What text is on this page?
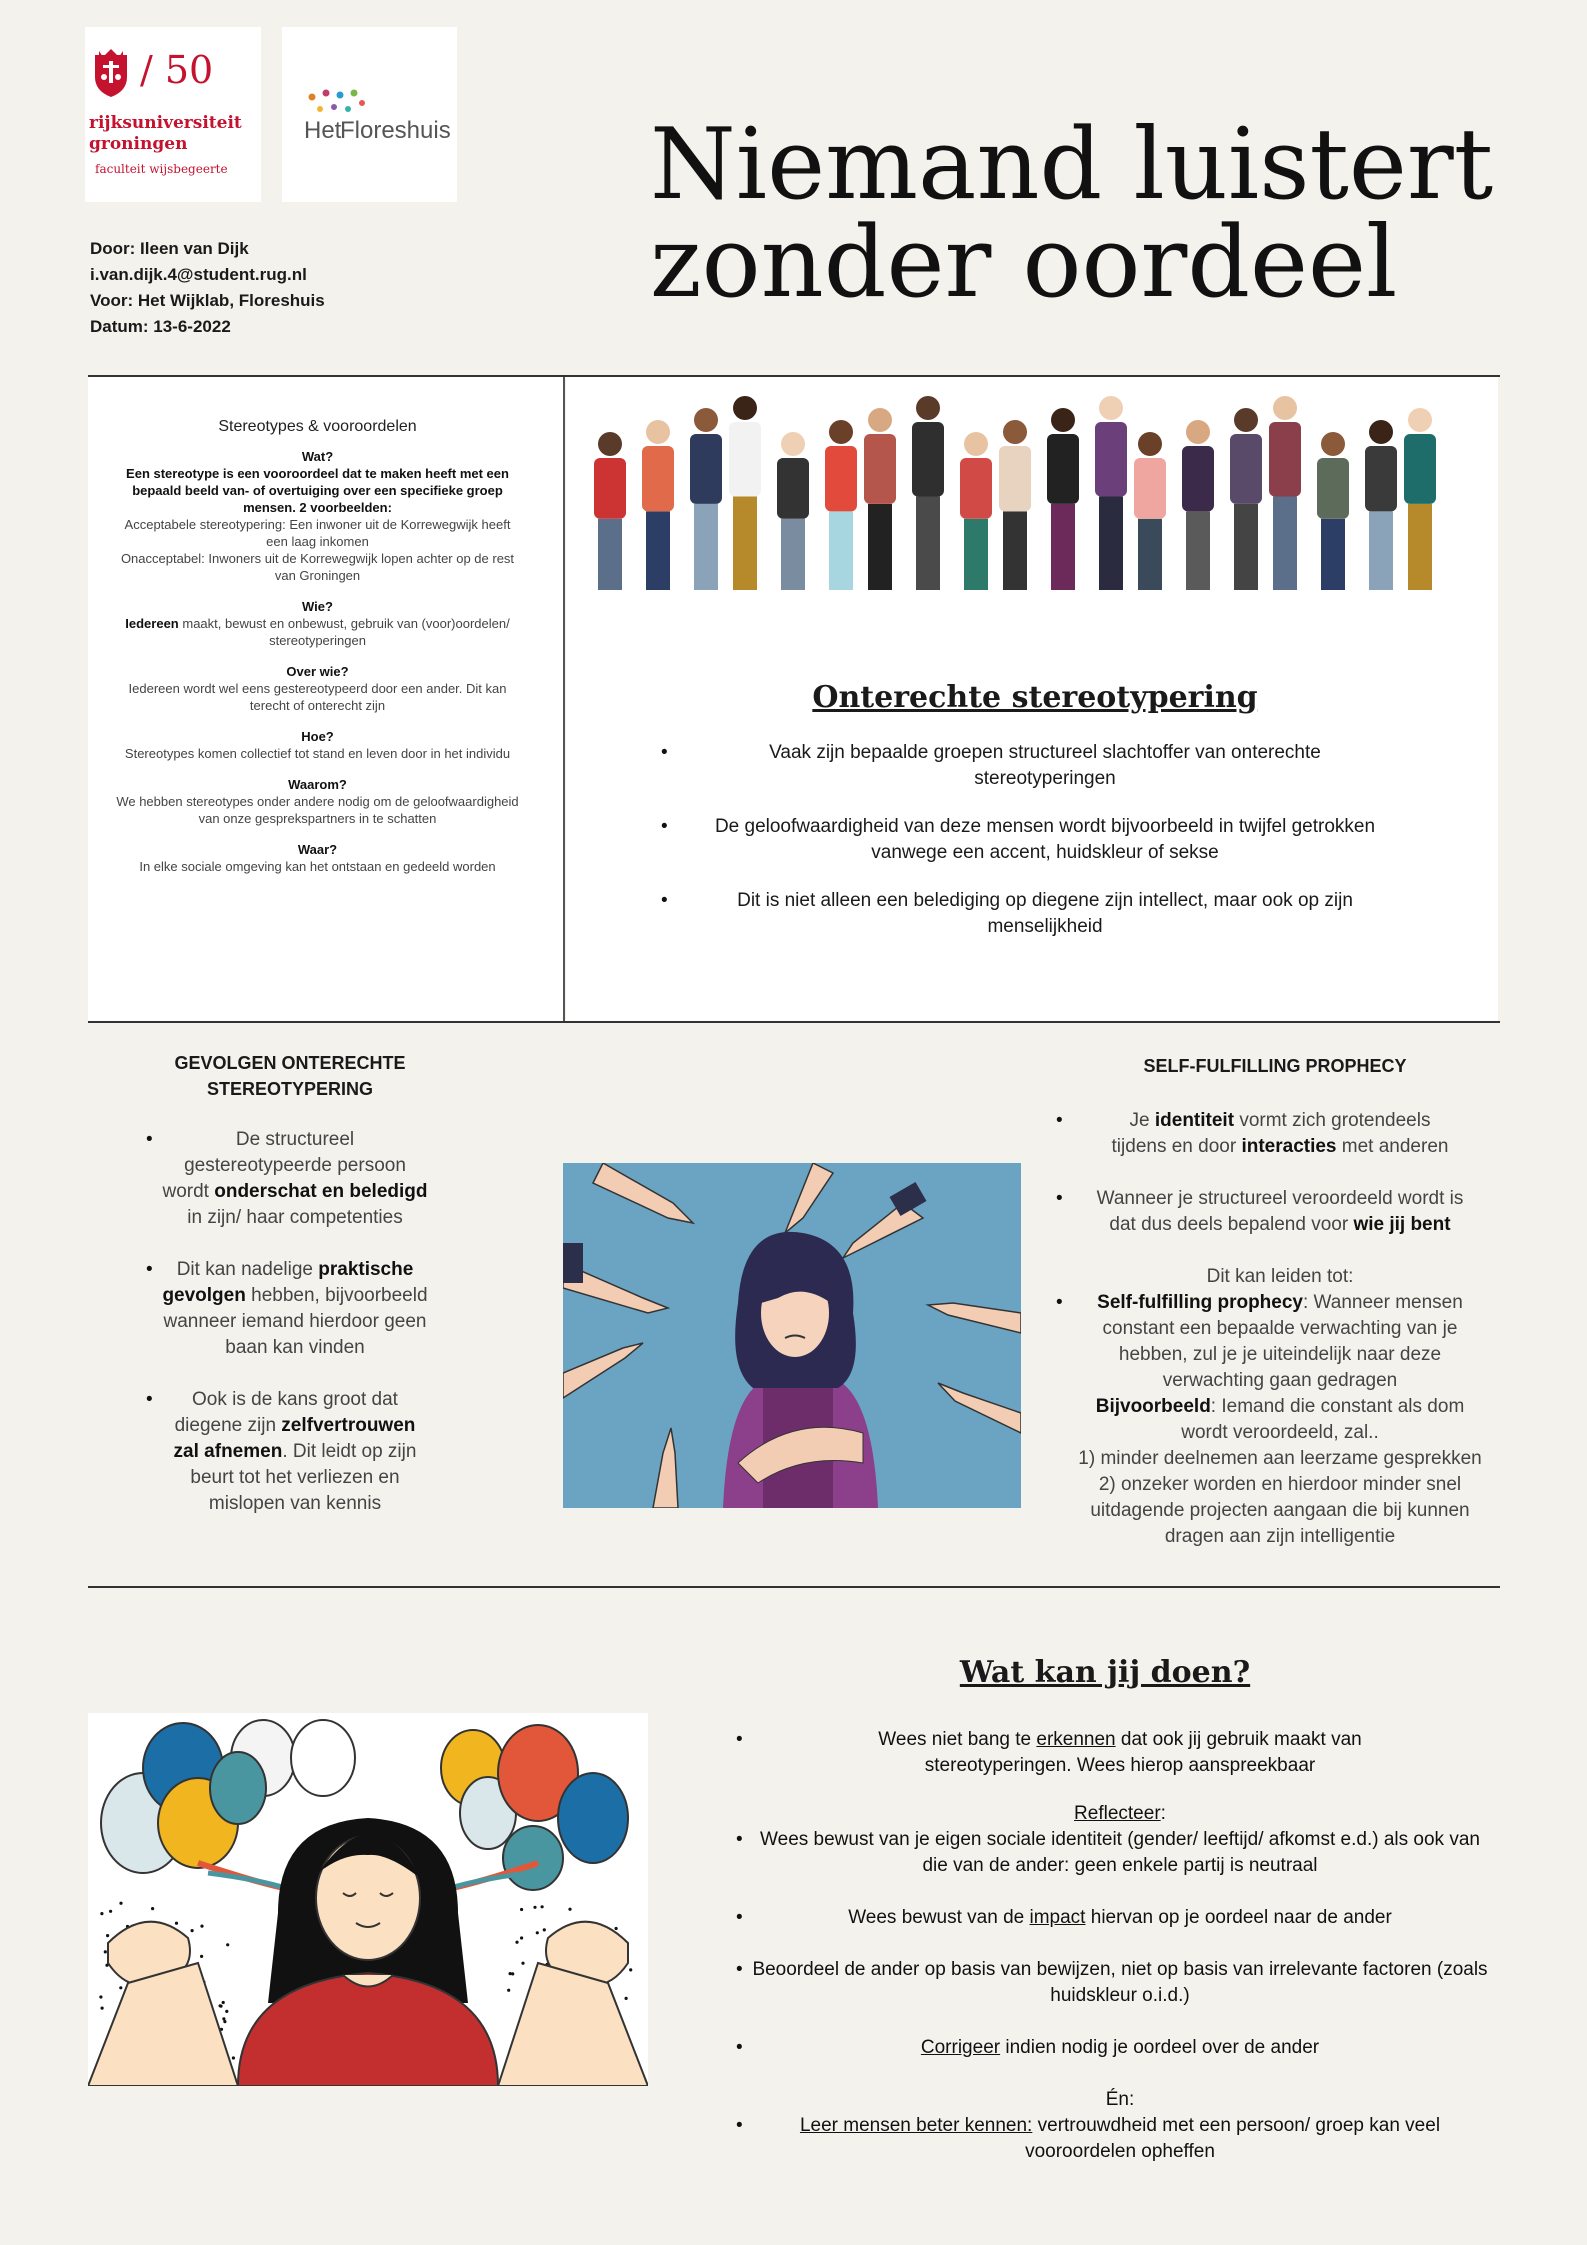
/ 50
rijksuniversiteit
groningen
faculteit wijsbegeerte
Het
Floreshuis
Door: Ileen van Dijk
i.van.dijk.4@student.rug.nl
Voor: Het Wijklab, Floreshuis
Datum: 13-6-2022
Niemand luistert
zonder oordeel
Stereotypes & vooroordelen
Wat?
Een stereotype is een vooroordeel dat te maken heeft met een bepaald beeld van- of overtuiging over een specifieke groep mensen. 2 voorbeelden:
Acceptabele stereotypering: Een inwoner uit de Korrewegwijk heeft een laag inkomen
Onacceptabel: Inwoners uit de Korrewegwijk lopen achter op de rest van Groningen
Wie?
Iedereen maakt, bewust en onbewust, gebruik van (voor)oordelen/ stereotyperingen
Over wie?
Iedereen wordt wel eens gestereotypeerd door een ander. Dit kan terecht of onterecht zijn
Hoe?
Stereotypes komen collectief tot stand en leven door in het individu
Waarom?
We hebben stereotypes onder andere nodig om de geloofwaardigheid van onze gesprekspartners in te schatten
Waar?
In elke sociale omgeving kan het ontstaan en gedeeld worden
Onterechte stereotypering
• Vaak zijn bepaalde groepen structureel slachtoffer van onterechte stereotyperingen
• De geloofwaardigheid van deze mensen wordt bijvoorbeeld in twijfel getrokken vanwege een accent, huidskleur of sekse
• Dit is niet alleen een belediging op diegene zijn intellect, maar ook op zijn menselijkheid
GEVOLGEN ONTERECHTE
STEREOTYPERING
• De structureel gestereotypeerde persoon wordt onderschat en beledigd in zijn/ haar competenties
• Dit kan nadelige praktische gevolgen hebben, bijvoorbeeld wanneer iemand hierdoor geen baan kan vinden
• Ook is de kans groot dat diegene zijn zelfvertrouwen zal afnemen. Dit leidt op zijn beurt tot het verliezen en mislopen van kennis
SELF-FULFILLING PROPHECY
• Je identiteit vormt zich grotendeels tijdens en door interacties met anderen
• Wanneer je structureel veroordeeld wordt is dat dus deels bepalend voor wie jij bent
Dit kan leiden tot:
• Self-fulfilling prophecy: Wanneer mensen constant een bepaalde verwachting van je hebben, zul je je uiteindelijk naar deze verwachting gaan gedragen
Bijvoorbeeld: Iemand die constant als dom wordt veroordeeld, zal..
1) minder deelnemen aan leerzame gesprekken
2) onzeker worden en hierdoor minder snel uitdagende projecten aangaan die bij kunnen dragen aan zijn intelligentie
Wat kan jij doen?
• Wees niet bang te erkennen dat ook jij gebruik maakt van stereotyperingen. Wees hierop aanspreekbaar
Reflecteer:
• Wees bewust van je eigen sociale identiteit (gender/ leeftijd/ afkomst e.d.) als ook van die van de ander: geen enkele partij is neutraal
• Wees bewust van de impact hiervan op je oordeel naar de ander
• Beoordeel de ander op basis van bewijzen, niet op basis van irrelevante factoren (zoals huidskleur o.i.d.)
• Corrigeer indien nodig je oordeel over de ander
Én:
• Leer mensen beter kennen: vertrouwdheid met een persoon/ groep kan veel vooroordelen opheffen
